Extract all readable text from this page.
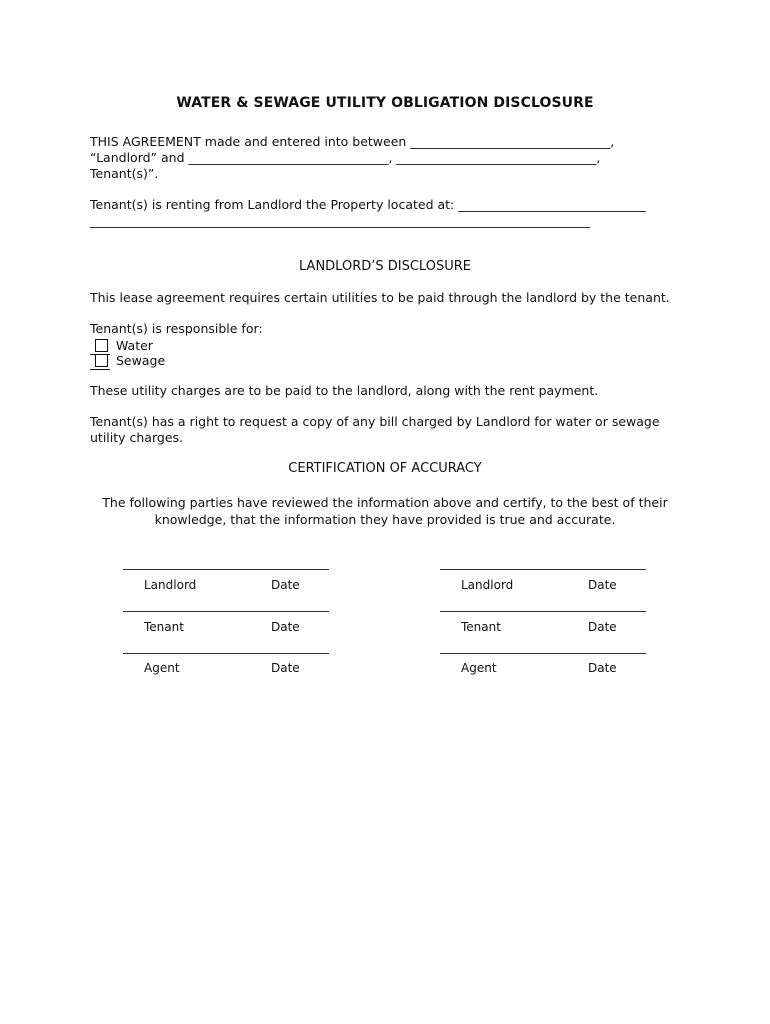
WATER & SEWAGE UTILITY OBLIGATION DISCLOSURE
THIS AGREEMENT made and entered into between ________________________________,
“Landlord” and ________________________________, ________________________________,
Tenant(s)”.
Tenant(s) is renting from Landlord the Property located at: ______________________________
________________________________________________________________________________
LANDLORD’S DISCLOSURE
This lease agreement requires certain utilities to be paid through the landlord by the tenant.
Tenant(s) is responsible for:
Water
Sewage
These utility charges are to be paid to the landlord, along with the rent payment.
Tenant(s) has a right to request a copy of any bill charged by Landlord for water or sewage
utility charges.
CERTIFICATION OF ACCURACY
The following parties have reviewed the information above and certify, to the best of their
knowledge, that the information they have provided is true and accurate.
Landlord	Date
Tenant	Date
Agent	Date
Landlord	Date
Tenant	Date
Agent	Date
